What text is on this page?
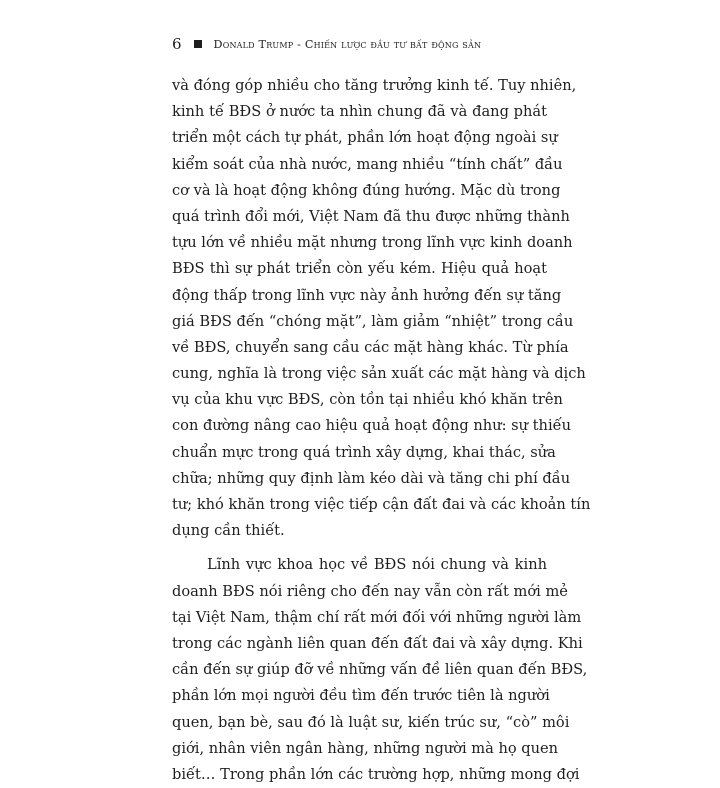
6	Donald Trump - Chiến lược đầu tư bất động sản
và đóng góp nhiều cho tăng trưởng kinh tế. Tuy nhiên,
kinh tế BĐS ở nước ta nhìn chung đã và đang phát
triển một cách tự phát, phần lớn hoạt động ngoài sự
kiểm soát của nhà nước, mang nhiều “tính chất” đầu
cơ và là hoạt động không đúng hướng. Mặc dù trong
quá trình đổi mới, Việt Nam đã thu được những thành
tựu lớn về nhiều mặt nhưng trong lĩnh vực kinh doanh
BĐS thì sự phát triển còn yếu kém. Hiệu quả hoạt
động thấp trong lĩnh vực này ảnh hưởng đến sự tăng
giá BĐS đến “chóng mặt”, làm giảm “nhiệt” trong cầu
về BĐS, chuyển sang cầu các mặt hàng khác. Từ phía
cung, nghĩa là trong việc sản xuất các mặt hàng và dịch
vụ của khu vực BĐS, còn tồn tại nhiều khó khăn trên
con đường nâng cao hiệu quả hoạt động như: sự thiếu
chuẩn mực trong quá trình xây dựng, khai thác, sửa
chữa; những quy định làm kéo dài và tăng chi phí đầu
tư; khó khăn trong việc tiếp cận đất đai và các khoản tín
dụng cần thiết.
Lĩnh vực khoa học về BĐS nói chung và kinh
doanh BĐS nói riêng cho đến nay vẫn còn rất mới mẻ
tại Việt Nam, thậm chí rất mới đối với những người làm
trong các ngành liên quan đến đất đai và xây dựng. Khi
cần đến sự giúp đỡ về những vấn đề liên quan đến BĐS,
phần lớn mọi người đều tìm đến trước tiên là người
quen, bạn bè, sau đó là luật sư, kiến trúc sư, “cò” môi
giới, nhân viên ngân hàng, những người mà họ quen
biết… Trong phần lớn các trường hợp, những mong đợi
